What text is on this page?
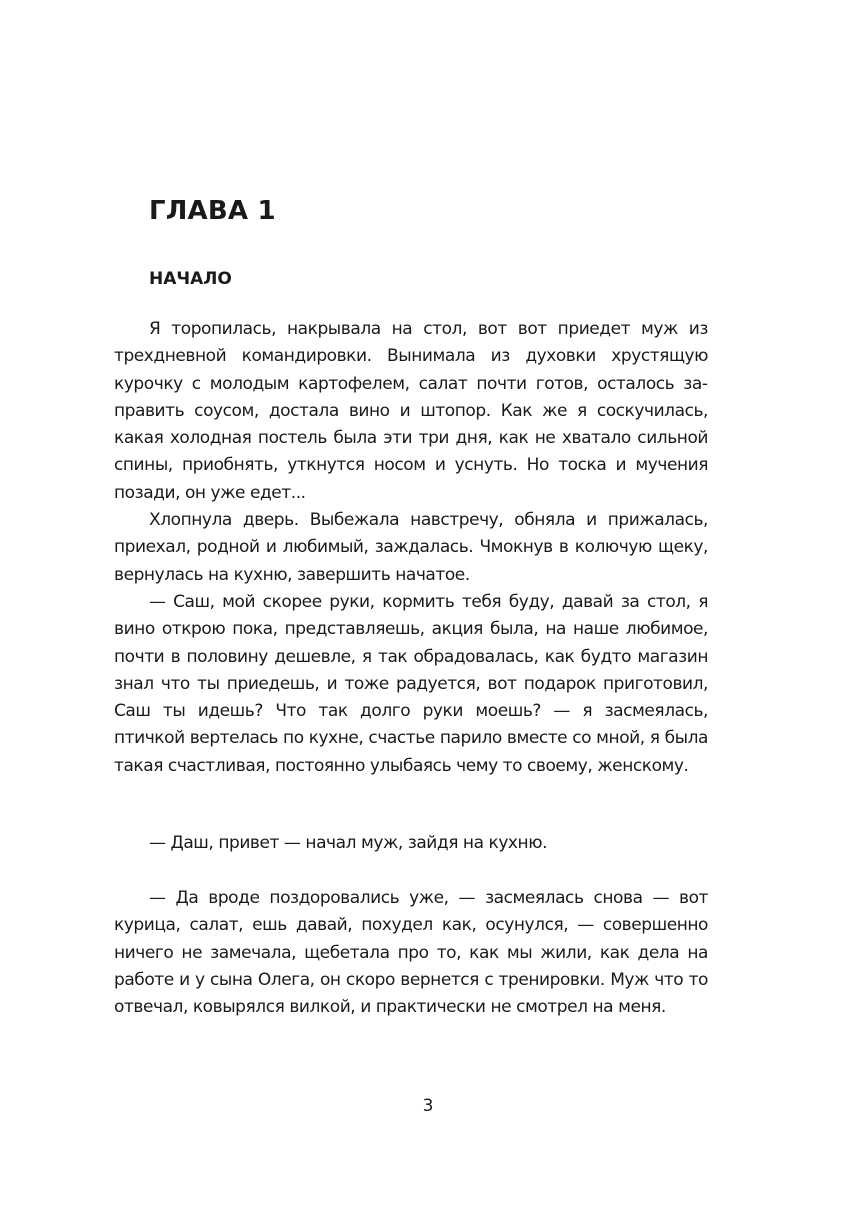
ГЛАВА 1
НАЧАЛО

Я торопилась, накрывала на стол, вот вот приедет муж из трехдневной командировки. Вынимала из духовки хрустящую курочку с молодым картофелем, салат почти готов, осталось заправить соусом, достала вино и штопор. Как же я соскучилась, какая холодная постель была эти три дня, как не хватало сильной спины, приобнять, уткнутся носом и уснуть. Но тоска и мучения позади, он уже едет...

Хлопнула дверь. Выбежала навстречу, обняла и прижалась, приехал, родной и любимый, заждалась. Чмокнув в колючую щеку, вернулась на кухню, завершить начатое.

— Саш, мой скорее руки, кормить тебя буду, давай за стол, я вино открою пока, представляешь, акция была, на наше любимое, почти в половину дешевле, я так обрадовалась, как будто магазин знал что ты приедешь, и тоже радуется, вот подарок приготовил, Саш ты идешь? Что так долго руки моешь? — я засмеялась, птичкой вертелась по кухне, счастье парило вместе со мной, я была такая счастливая, постоянно улыбаясь чему то своему, женскому.

— Даш, привет — начал муж, зайдя на кухню.

— Да вроде поздоровались уже, — засмеялась снова — вот курица, салат, ешь давай, похудел как, осунулся, — совершенно ничего не замечала, щебетала про то, как мы жили, как дела на работе и у сына Олега, он скоро вернется с тренировки. Муж что то отвечал, ковырялся вилкой, и практически не смотрел на меня.

3
